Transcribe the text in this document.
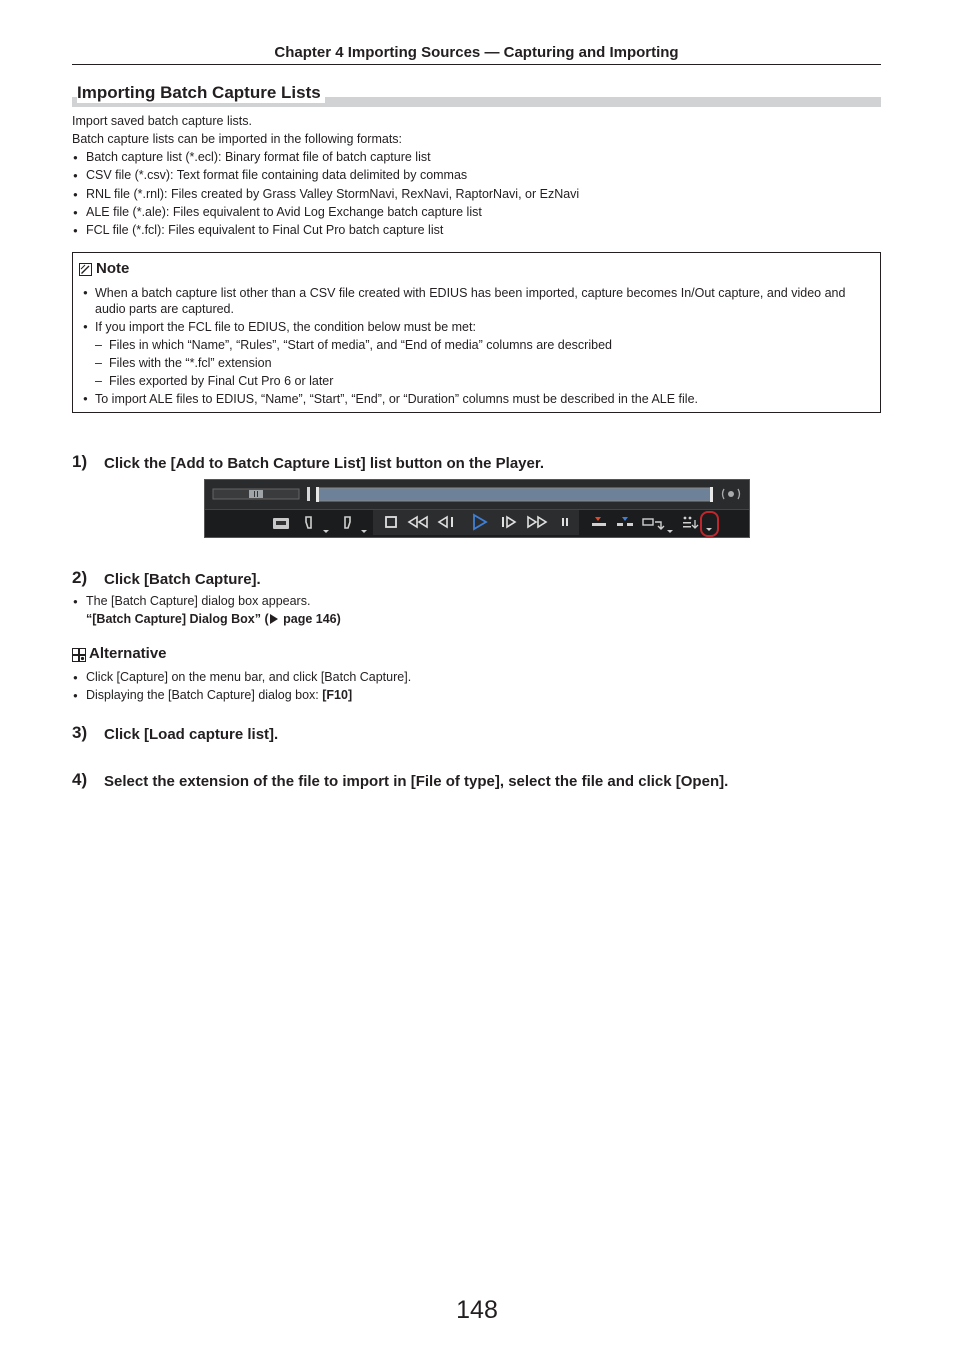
Chapter 4 Importing Sources — Capturing and Importing
Importing Batch Capture Lists
Import saved batch capture lists.
Batch capture lists can be imported in the following formats:
● Batch capture list (*.ecl): Binary format file of batch capture list
● CSV file (*.csv): Text format file containing data delimited by commas
● RNL file (*.rnl): Files created by Grass Valley StormNavi, RexNavi, RaptorNavi, or EzNavi
● ALE file (*.ale): Files equivalent to Avid Log Exchange batch capture list
● FCL file (*.fcl): Files equivalent to Final Cut Pro batch capture list
Note
● When a batch capture list other than a CSV file created with EDIUS has been imported, capture becomes In/Out capture, and video and audio parts are captured.
● If you import the FCL file to EDIUS, the condition below must be met:
– Files in which “Name”, “Rules”, “Start of media”, and “End of media” columns are described
– Files with the “*.fcl” extension
– Files exported by Final Cut Pro 6 or later
● To import ALE files to EDIUS, “Name”, “Start”, “End”, or “Duration” columns must be described in the ALE file.
1) Click the [Add to Batch Capture List] list button on the Player.
2) Click [Batch Capture].
● The [Batch Capture] dialog box appears.
“[Batch Capture] Dialog Box” ( page 146)
Alternative
● Click [Capture] on the menu bar, and click [Batch Capture].
● Displaying the [Batch Capture] dialog box: [F10]
3) Click [Load capture list].
4) Select the extension of the file to import in [File of type], select the file and click [Open].
148
